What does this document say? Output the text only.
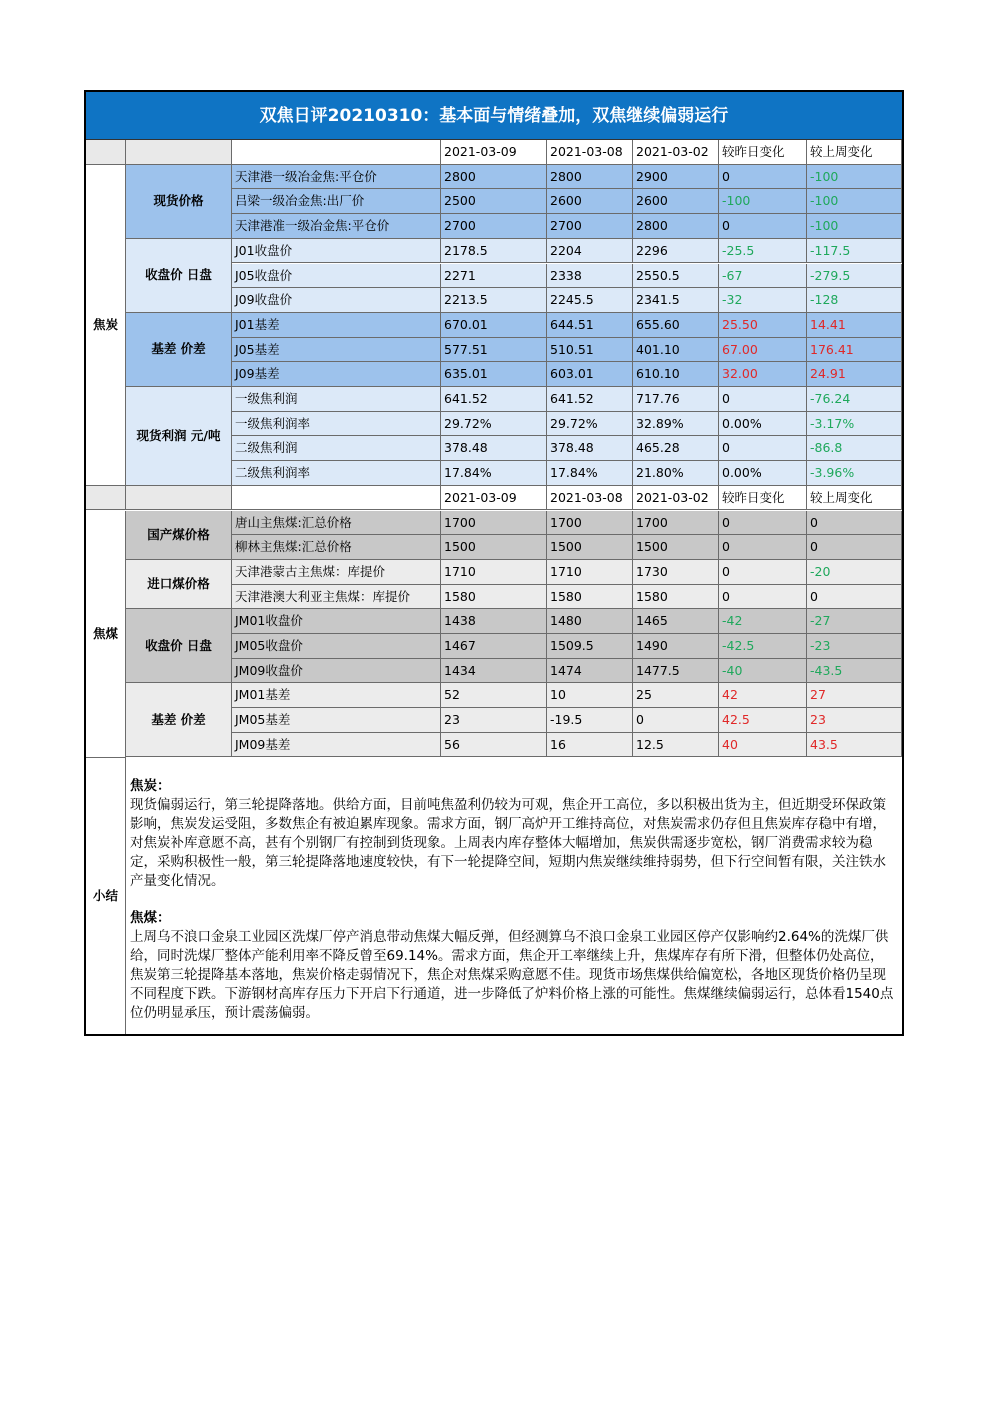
双焦日评20210310：基本面与情绪叠加，双焦继续偏弱运行
2021-03-09	2021-03-08	2021-03-02	较昨日变化	较上周变化
天津港一级冶金焦:平仓价	2800	2800	2900	0	-100
吕梁一级冶金焦:出厂价	2500	2600	2600	-100	-100
天津港准一级冶金焦:平仓价	2700	2700	2800	0	-100
现货价格
J01收盘价	2178.5	2204	2296	-25.5	-117.5
J05收盘价	2271	2338	2550.5	-67	-279.5
J09收盘价	2213.5	2245.5	2341.5	-32	-128
收盘价 日盘
J01基差	670.01	644.51	655.60	25.50	14.41
J05基差	577.51	510.51	401.10	67.00	176.41
J09基差	635.01	603.01	610.10	32.00	24.91
基差 价差
一级焦利润	641.52	641.52	717.76	0	-76.24
一级焦利润率	29.72%	29.72%	32.89%	0.00%	-3.17%
二级焦利润	378.48	378.48	465.28	0	-86.8
二级焦利润率	17.84%	17.84%	21.80%	0.00%	-3.96%
现货利润 元/吨
焦炭
2021-03-09	2021-03-08	2021-03-02	较昨日变化	较上周变化
唐山主焦煤:汇总价格	1700	1700	1700	0	0
柳林主焦煤:汇总价格	1500	1500	1500	0	0
国产煤价格
天津港蒙古主焦煤：库提价	1710	1710	1730	0	-20
天津港澳大利亚主焦煤：库提价	1580	1580	1580	0	0
进口煤价格
JM01收盘价	1438	1480	1465	-42	-27
JM05收盘价	1467	1509.5	1490	-42.5	-23
JM09收盘价	1434	1474	1477.5	-40	-43.5
收盘价 日盘
JM01基差	52	10	25	42	27
JM05基差	23	-19.5	0	42.5	23
JM09基差	56	16	12.5	40	43.5
基差 价差
焦煤
小结

焦炭：

现货偏弱运行，第三轮提降落地。供给方面，目前吨焦盈利仍较为可观，焦企开工高位，多以积极出货为主，但近期受环保政策影响，焦炭发运受阻，多数焦企有被迫累库现象。需求方面，钢厂高炉开工维持高位，对焦炭需求仍存但且焦炭库存稳中有增，对焦炭补库意愿不高，甚有个别钢厂有控制到货现象。上周表内库存整体大幅增加，焦炭供需逐步宽松，钢厂消费需求较为稳定，采购积极性一般，第三轮提降落地速度较快，有下一轮提降空间，短期内焦炭继续维持弱势，但下行空间暂有限，关注铁水产量变化情况。

焦煤：

上周乌不浪口金泉工业园区洗煤厂停产消息带动焦煤大幅反弹，但经测算乌不浪口金泉工业园区停产仅影响约2.64%的洗煤厂供给，同时洗煤厂整体产能利用率不降反曾至69.14%。需求方面，焦企开工率继续上升，焦煤库存有所下滑，但整体仍处高位，焦炭第三轮提降基本落地，焦炭价格走弱情况下，焦企对焦煤采购意愿不佳。现货市场焦煤供给偏宽松，各地区现货价格仍呈现不同程度下跌。下游钢材高库存压力下开启下行通道，进一步降低了炉料价格上涨的可能性。焦煤继续偏弱运行，总体看1540点位仍明显承压，预计震荡偏弱。
